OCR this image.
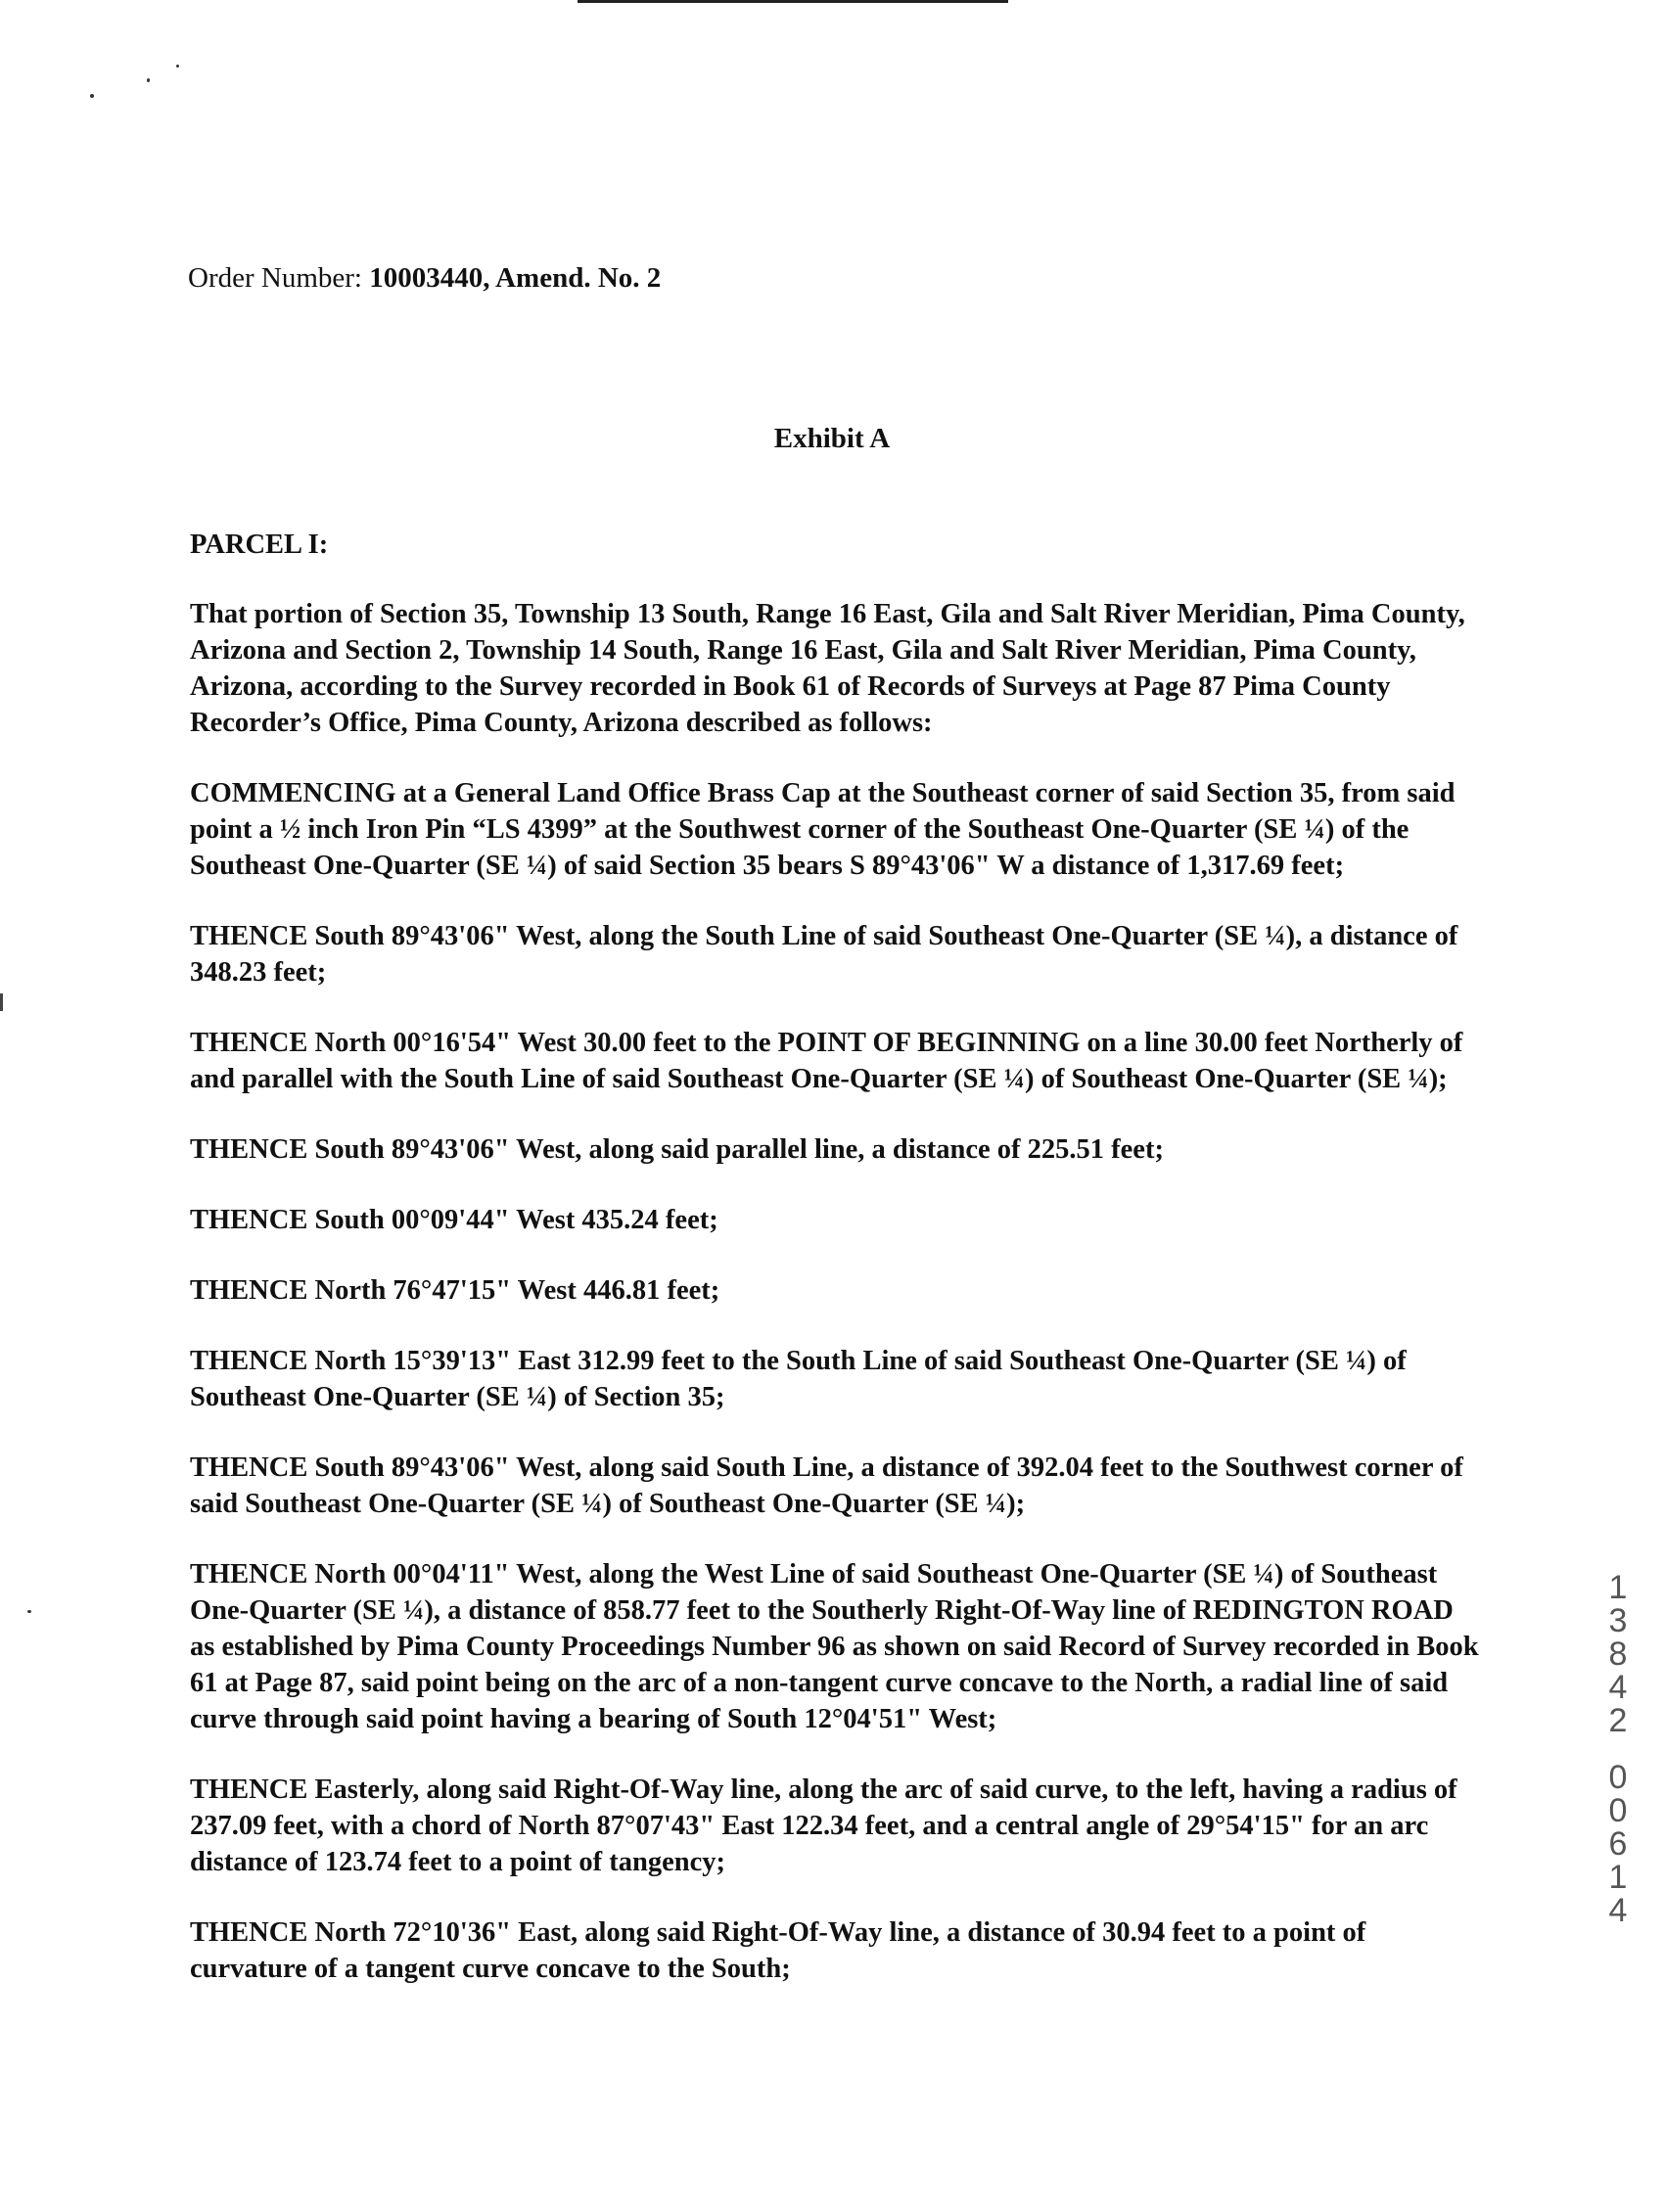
Order Number: 10003440, Amend. No. 2
Exhibit A
PARCEL I:

That portion of Section 35, Township 13 South, Range 16 East, Gila and Salt River Meridian, Pima County, Arizona and Section 2, Township 14 South, Range 16 East, Gila and Salt River Meridian, Pima County, Arizona, according to the Survey recorded in Book 61 of Records of Surveys at Page 87 Pima County Recorder’s Office, Pima County, Arizona described as follows:

COMMENCING at a General Land Office Brass Cap at the Southeast corner of said Section 35, from said point a ½ inch Iron Pin “LS 4399” at the Southwest corner of the Southeast One-Quarter (SE ¼) of the Southeast One-Quarter (SE ¼) of said Section 35 bears S 89°43'06" W a distance of 1,317.69 feet;

THENCE South 89°43'06" West, along the South Line of said Southeast One-Quarter (SE ¼), a distance of 348.23 feet;

THENCE North 00°16'54" West 30.00 feet to the POINT OF BEGINNING on a line 30.00 feet Northerly of and parallel with the South Line of said Southeast One-Quarter (SE ¼) of Southeast One-Quarter (SE ¼);

THENCE South 89°43'06" West, along said parallel line, a distance of 225.51 feet;

THENCE South 00°09'44" West 435.24 feet;

THENCE North 76°47'15" West 446.81 feet;

THENCE North 15°39'13" East 312.99 feet to the South Line of said Southeast One-Quarter (SE ¼) of Southeast One-Quarter (SE ¼) of Section 35;

THENCE South 89°43'06" West, along said South Line, a distance of 392.04 feet to the Southwest corner of said Southeast One-Quarter (SE ¼) of Southeast One-Quarter (SE ¼);

THENCE North 00°04'11" West, along the West Line of said Southeast One-Quarter (SE ¼) of Southeast One-Quarter (SE ¼), a distance of 858.77 feet to the Southerly Right-Of-Way line of REDINGTON ROAD as established by Pima County Proceedings Number 96 as shown on said Record of Survey recorded in Book 61 at Page 87, said point being on the arc of a non-tangent curve concave to the North, a radial line of said curve through said point having a bearing of South 12°04'51" West;

THENCE Easterly, along said Right-Of-Way line, along the arc of said curve, to the left, having a radius of 237.09 feet, with a chord of North 87°07'43" East 122.34 feet, and a central angle of 29°54'15" for an arc distance of 123.74 feet to a point of tangency;

THENCE North 72°10'36" East, along said Right-Of-Way line, a distance of 30.94 feet to a point of curvature of a tangent curve concave to the South;

1
3
8
4
2
0
0
6
1
4
